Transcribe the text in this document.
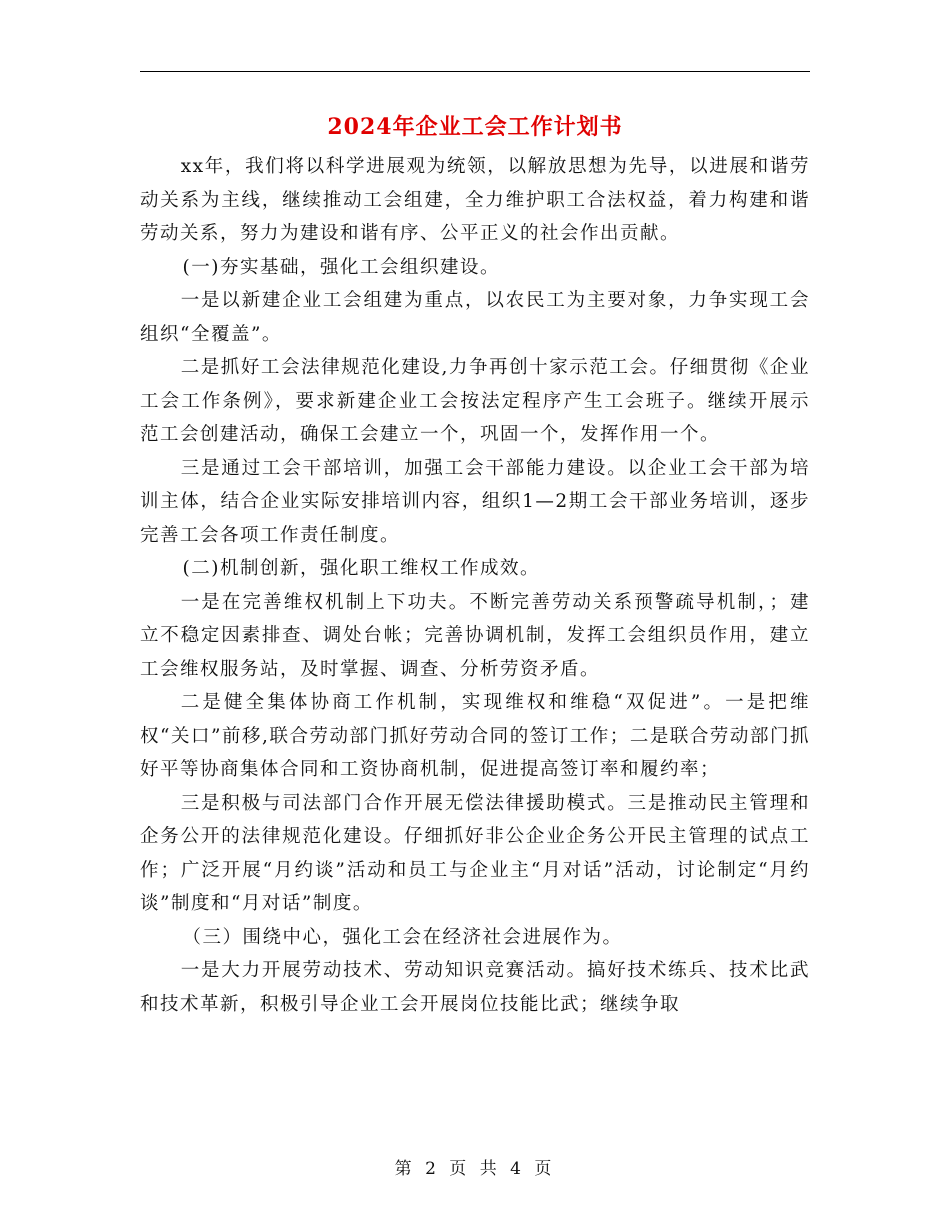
2024年企业工会工作计划书

xx年，我们将以科学进展观为统领，以解放思想为先导，以进展和谐劳动关系为主线，继续推动工会组建，全力维护职工合法权益，着力构建和谐劳动关系，努力为建设和谐有序、公平正义的社会作出贡献。

(一)夯实基础，强化工会组织建设。

一是以新建企业工会组建为重点，以农民工为主要对象，力争实现工会组织“全覆盖”。

二是抓好工会法律规范化建设,力争再创十家示范工会。仔细贯彻《企业工会工作条例》，要求新建企业工会按法定程序产生工会班子。继续开展示范工会创建活动，确保工会建立一个，巩固一个，发挥作用一个。

三是通过工会干部培训，加强工会干部能力建设。以企业工会干部为培训主体，结合企业实际安排培训内容，组织1—2期工会干部业务培训，逐步完善工会各项工作责任制度。

(二)机制创新，强化职工维权工作成效。

一是在完善维权机制上下功夫。不断完善劳动关系预警疏导机制，；建立不稳定因素排查、调处台帐；完善协调机制，发挥工会组织员作用，建立工会维权服务站，及时掌握、调查、分析劳资矛盾。

二是健全集体协商工作机制，实现维权和维稳“双促进”。一是把维权“关口”前移,联合劳动部门抓好劳动合同的签订工作；二是联合劳动部门抓好平等协商集体合同和工资协商机制，促进提高签订率和履约率；

三是积极与司法部门合作开展无偿法律援助模式。三是推动民主管理和企务公开的法律规范化建设。仔细抓好非公企业企务公开民主管理的试点工作；广泛开展“月约谈”活动和员工与企业主“月对话”活动，讨论制定“月约谈”制度和“月对话”制度。

（三）围绕中心，强化工会在经济社会进展作为。

一是大力开展劳动技术、劳动知识竞赛活动。搞好技术练兵、技术比武和技术革新，积极引导企业工会开展岗位技能比武；继续争取

第 2 页 共 4 页
